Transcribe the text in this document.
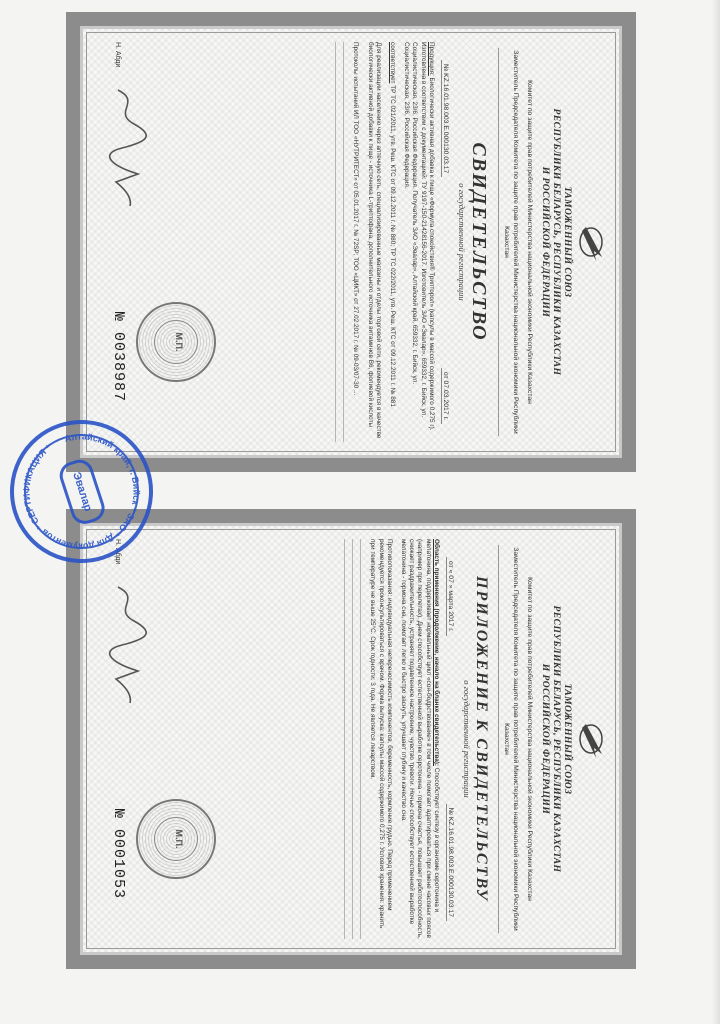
ТАМОЖЕННЫЙ СОЮЗ
РЕСПУБЛИКИ БЕЛАРУСЬ, РЕСПУБЛИКИ КАЗАХСТАН
И РОССИЙСКОЙ ФЕДЕРАЦИИ
Комитет по защите прав потребителей Министерства национальной экономики Республики Казахстан
Заместитель Председателя Комитета по защите прав потребителей Министерства национальной экономики Республики Казахстан
СВИДЕТЕЛЬСТВО
о государственной регистрации
№ KZ.16.01.98.003.Е.000130.03.17
от 07.03.2017 г.
Продукция: Биологически активная добавка к пище «Формула спокойствия® Трипторол» (капсулы в массой содержимого 0,275 г). Изготовлена в соответствии с документацией: ТУ 9197-150-21428156-2017. Изготовитель ЗАО «Эвалар», 659332, г. Бийск, ул. Социалистическая, 23/6, Российская Федерация. Получатель ЗАО «Эвалар», Алтайский край, 659332, г. Бийск, ул. Социалистическая, 23/6, Российская Федерация.
соответствует ТР ТС 021/2011, утв. Реш. КТС от 09.12.2011 г. № 880; ТР ТС 022/2011, утв. Реш. КТС от 09.12.2011 г. № 881
Для реализации населению через аптечную сеть, специализированные магазины и отделы торговой сети, рекомендуется в качестве биологически активной добавки к пище - источника L-триптофана, дополнительного источника витаминов В6, фолиевой кислоты
Протоколы испытаний ИЛ ТОО «НУТРИТЕСТ» от 05.01.2017 г. № 72SP; ТОО «ЦИКТ» от 27.02.2017 г. № 09-03/07-30 ...
Н. Абди
М.П.
№ 0038987
ТАМОЖЕННЫЙ СОЮЗ
РЕСПУБЛИКИ БЕЛАРУСЬ, РЕСПУБЛИКИ КАЗАХСТАН
И РОССИЙСКОЙ ФЕДЕРАЦИИ
Комитет по защите прав потребителей Министерства национальной экономики Республики Казахстан
Заместитель Председателя Комитета по защите прав потребителей Министерства национальной экономики Республики Казахстан
ПРИЛОЖЕНИЕ К СВИДЕТЕЛЬСТВУ
о государственной регистрации
от « 07 » марта 2017 г.
№ KZ.16.01.98.003.Е.000130.03.17
Область применения (продолжение, начало на бланке свидетельства): Способствует синтезу в организме серотонина и мелатонина, поддерживает нормальный цикл «сон-бодрствование» в том числе помогает адаптироваться при смене часовых поясов (например при перелетах). Днем способствует естественной выработке серотонина - гормона счастья, повышает работоспособность, снижает раздражительность, устраняет подавленное настроение, чувство тревоги. Ночью способствует естественной выработке мелатонина - гормона сна, помогает легко и быстро заснуть, улучшает глубину и качество сна.
Противопоказания: индивидуальная непереносимость компонентов, беременность, кормление грудью. Перед применением рекомендуется проконсультироваться с врачом. Форма выпуска: капсулы массой содержимого 0,275 г. Условия хранения: хранить при температуре не выше 25°С. Срок годности: 3 года. Не является лекарством.
Н. Абди
М.П.
№ 0001053
Алтайский край, г. Бийск * ЗАО * Для документов * СЕРТИФИКАЦИЯ *
Эвалар
